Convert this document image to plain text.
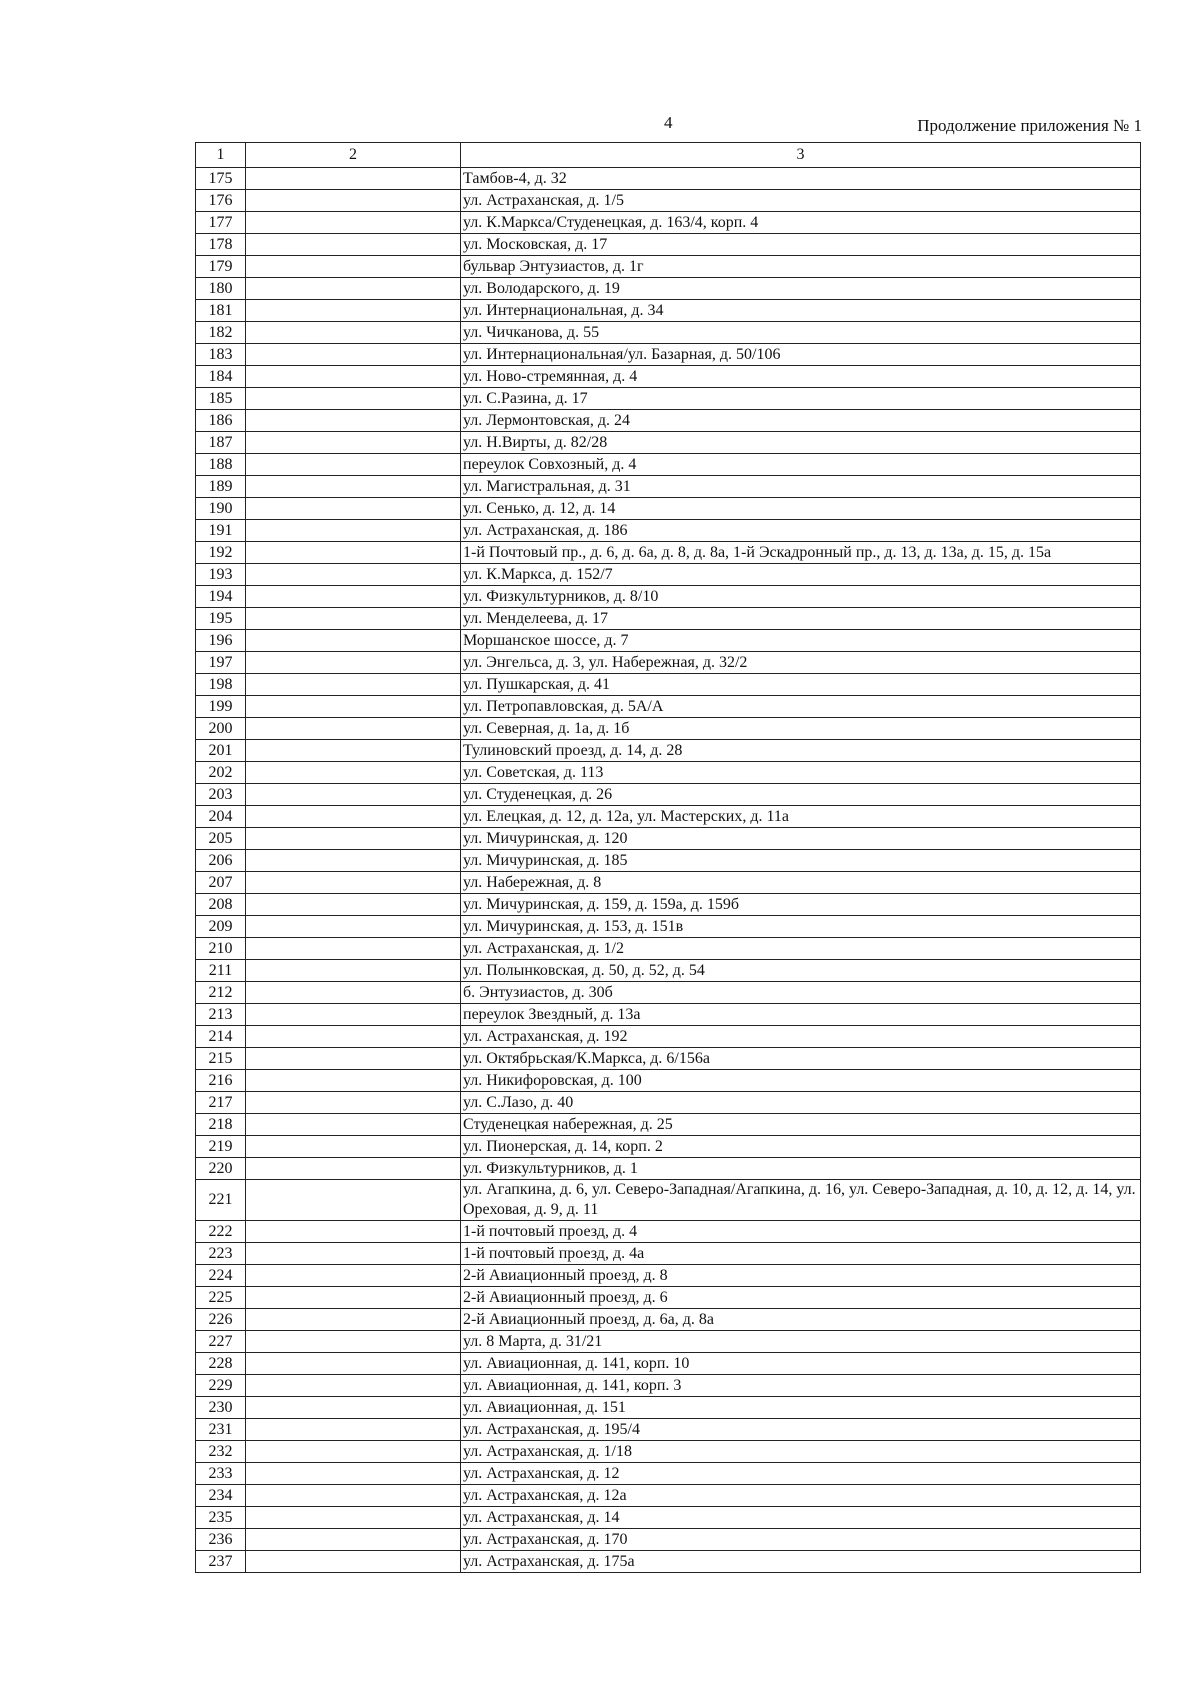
4	Продолжение приложения № 1
1	2	3
175		Тамбов-4, д. 32
176		ул. Астраханская, д. 1/5
177		ул. К.Маркса/Студенецкая, д. 163/4, корп. 4
178		ул. Московская, д. 17
179		бульвар Энтузиастов, д. 1г
180		ул. Володарского, д. 19
181		ул. Интернациональная, д. 34
182		ул. Чичканова, д. 55
183		ул. Интернациональная/ул. Базарная, д. 50/106
184		ул. Ново-стремянная, д. 4
185		ул. С.Разина, д. 17
186		ул. Лермонтовская, д. 24
187		ул. Н.Вирты, д. 82/28
188		переулок Совхозный, д. 4
189		ул. Магистральная, д. 31
190		ул. Сенько, д. 12, д. 14
191		ул. Астраханская, д. 186
192		1-й Почтовый пр., д. 6, д. 6а, д. 8, д. 8а, 1-й Эскадронный пр., д. 13, д. 13а, д. 15, д. 15а
193		ул. К.Маркса, д. 152/7
194		ул. Физкультурников, д. 8/10
195		ул. Менделеева, д. 17
196		Моршанское шоссе, д. 7
197		ул. Энгельса, д. 3, ул. Набережная, д. 32/2
198		ул. Пушкарская, д. 41
199		ул. Петропавловская, д. 5А/А
200		ул. Северная, д. 1а, д. 1б
201		Тулиновский проезд, д. 14, д. 28
202		ул. Советская, д. 113
203		ул. Студенецкая, д. 26
204		ул. Елецкая, д. 12, д. 12а, ул. Мастерских, д. 11а
205		ул. Мичуринская, д. 120
206		ул. Мичуринская, д. 185
207		ул. Набережная, д. 8
208		ул. Мичуринская, д. 159, д. 159а, д. 159б
209		ул. Мичуринская, д. 153, д. 151в
210		ул. Астраханская, д. 1/2
211		ул. Полынковская, д. 50, д. 52, д. 54
212		б. Энтузиастов, д. 30б
213		переулок Звездный, д. 13а
214		ул. Астраханская, д. 192
215		ул. Октябрьская/К.Маркса, д. 6/156а
216		ул. Никифоровская, д. 100
217		ул. С.Лазо, д. 40
218		Студенецкая набережная, д. 25
219		ул. Пионерская, д. 14, корп. 2
220		ул. Физкультурников, д. 1
221		ул. Агапкина, д. 6, ул. Северо-Западная/Агапкина, д. 16, ул. Северо-Западная, д. 10, д. 12, д. 14, ул. Ореховая, д. 9, д. 11
222		1-й почтовый проезд, д. 4
223		1-й почтовый проезд, д. 4а
224		2-й Авиационный проезд, д. 8
225		2-й Авиационный проезд, д. 6
226		2-й Авиационный проезд, д. 6а, д. 8а
227		ул. 8 Марта, д. 31/21
228		ул. Авиационная, д. 141, корп. 10
229		ул. Авиационная, д. 141, корп. 3
230		ул. Авиационная, д. 151
231		ул. Астраханская, д. 195/4
232		ул. Астраханская, д. 1/18
233		ул. Астраханская, д. 12
234		ул. Астраханская, д. 12а
235		ул. Астраханская, д. 14
236		ул. Астраханская, д. 170
237		ул. Астраханская, д. 175а
